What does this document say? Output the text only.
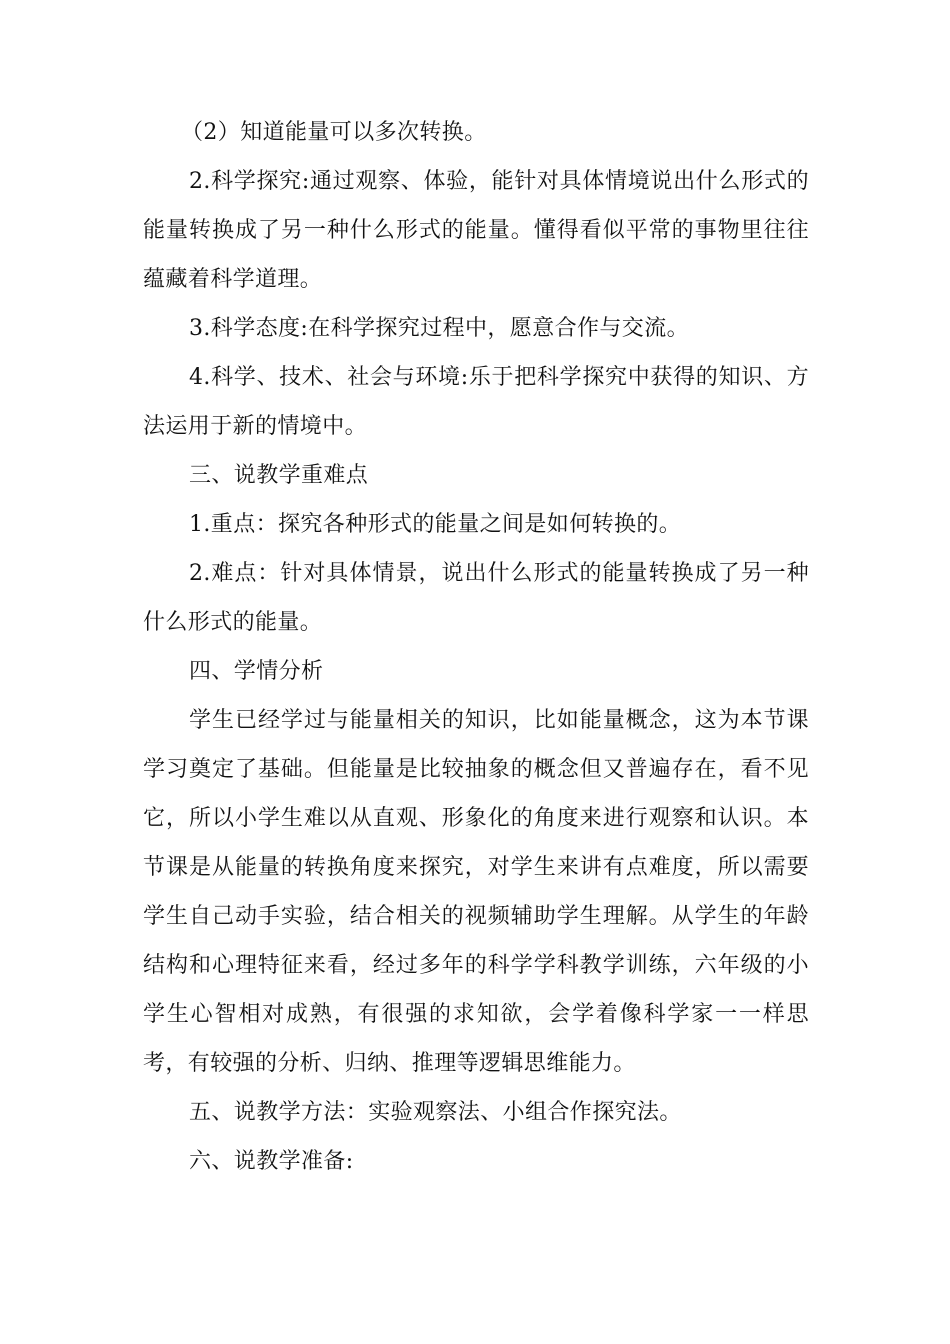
（2）知道能量可以多次转换。

2.科学探究:通过观察、体验，能针对具体情境说出什么形式的能量转换成了另一种什么形式的能量。懂得看似平常的事物里往往蕴藏着科学道理。

3.科学态度:在科学探究过程中，愿意合作与交流。

4.科学、技术、社会与环境:乐于把科学探究中获得的知识、方法运用于新的情境中。

三、说教学重难点

1.重点：探究各种形式的能量之间是如何转换的。

2.难点：针对具体情景，说出什么形式的能量转换成了另一种什么形式的能量。

四、学情分析

学生已经学过与能量相关的知识，比如能量概念，这为本节课学习奠定了基础。但能量是比较抽象的概念但又普遍存在，看不见它，所以小学生难以从直观、形象化的角度来进行观察和认识。本节课是从能量的转换角度来探究，对学生来讲有点难度，所以需要学生自己动手实验，结合相关的视频辅助学生理解。从学生的年龄结构和心理特征来看，经过多年的科学学科教学训练，六年级的小学生心智相对成熟，有很强的求知欲，会学着像科学家一一样思考，有较强的分析、归纳、推理等逻辑思维能力。

五、说教学方法：实验观察法、小组合作探究法。

六、说教学准备:
